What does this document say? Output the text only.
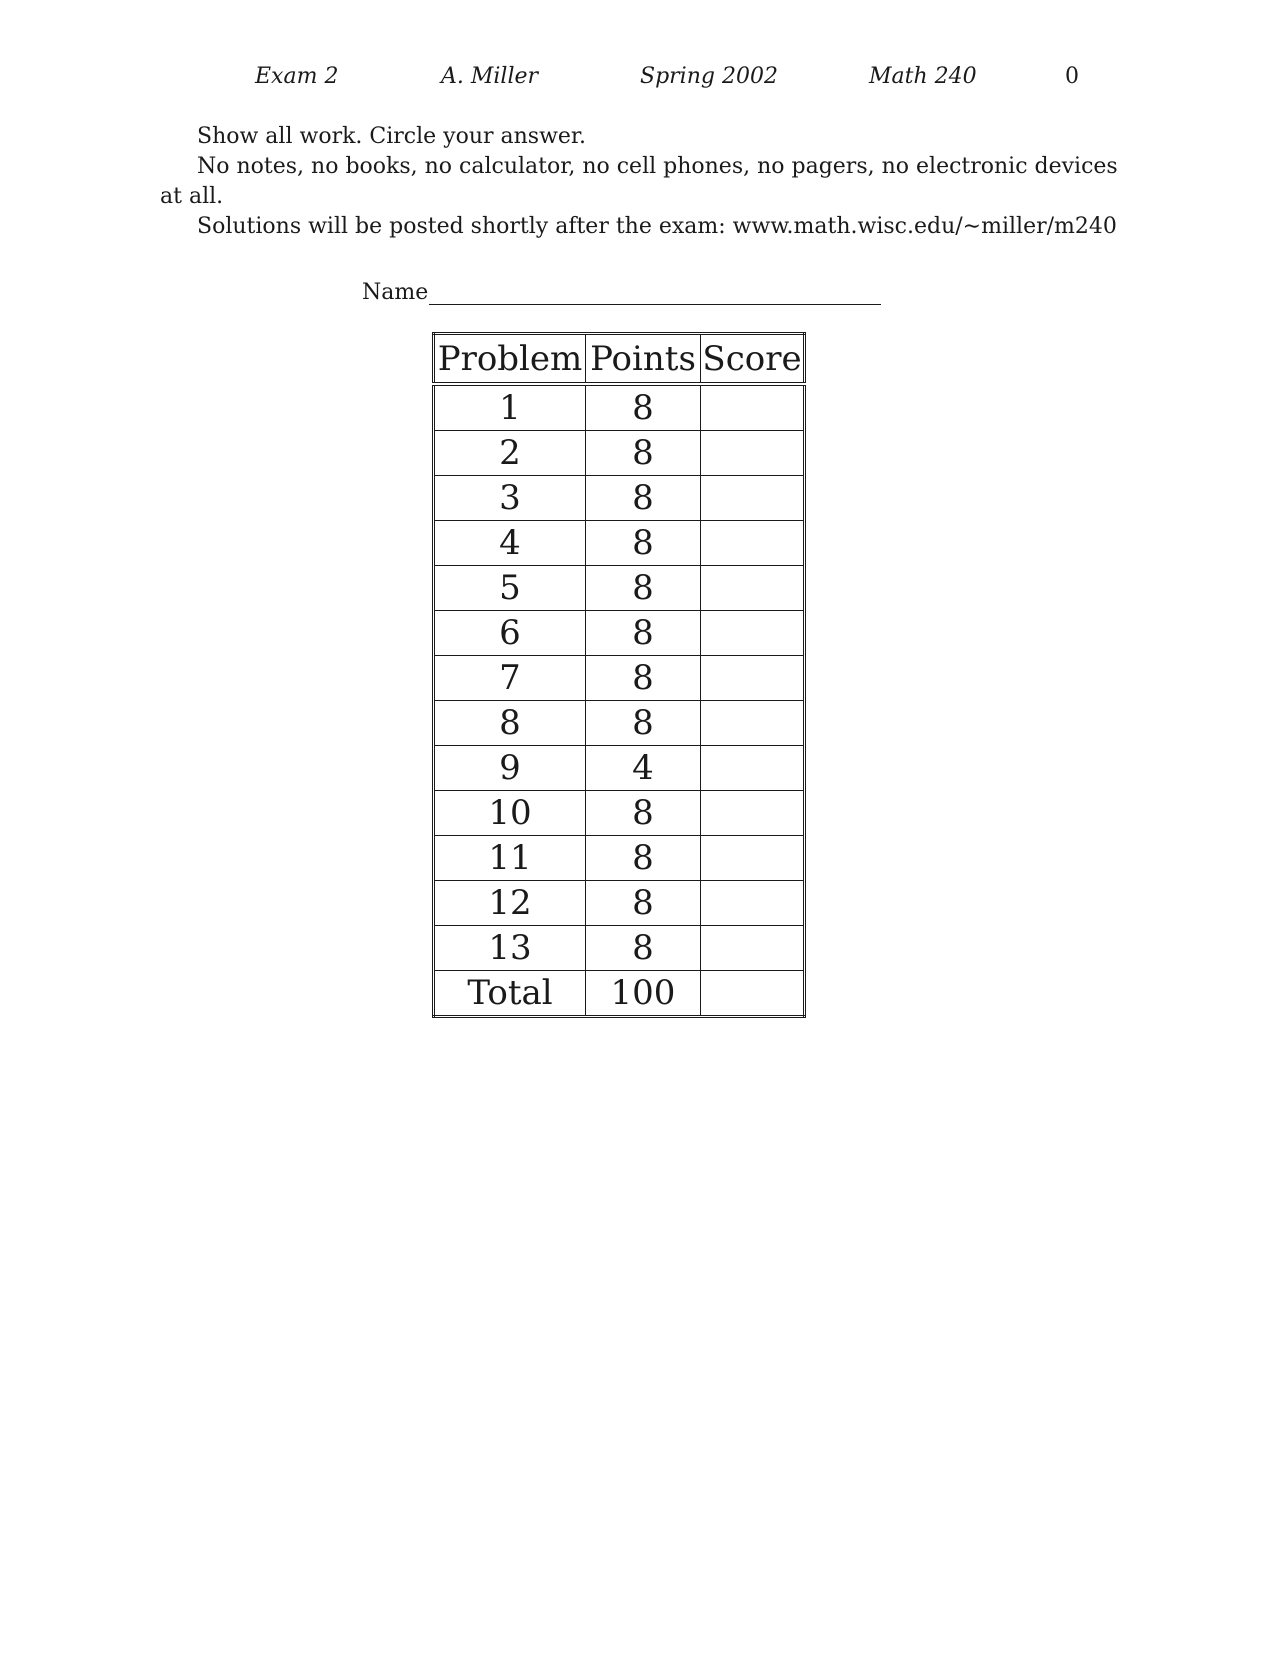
Exam 2	A. Miller	Spring 2002	Math 240	0
Show all work. Circle your answer.
No notes, no books, no calculator, no cell phones, no pagers, no electronic devices
at all.
Solutions will be posted shortly after the exam: www.math.wisc.edu/∼miller/m240
Name
Problem	Points	Score
1	8	
2	8	
3	8	
4	8	
5	8	
6	8	
7	8	
8	8	
9	4	
10	8	
11	8	
12	8	
13	8	
Total	100	
